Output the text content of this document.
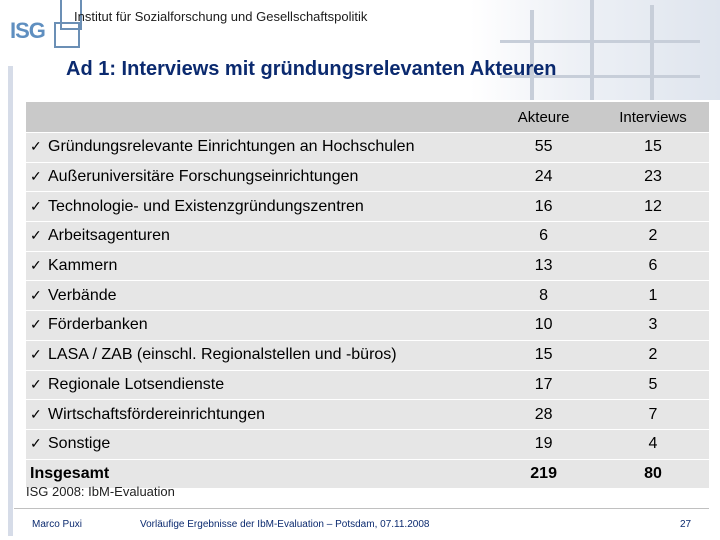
ISG
Institut für Sozialforschung und Gesellschaftspolitik
Ad 1: Interviews mit gründungsrelevanten Akteuren
	Akteure	Interviews
✓ Gründungsrelevante Einrichtungen an Hochschulen	55	15
✓ Außeruniversitäre Forschungseinrichtungen	24	23
✓ Technologie- und Existenzgründungszentren	16	12
✓ Arbeitsagenturen	6	2
✓ Kammern	13	6
✓ Verbände	8	1
✓ Förderbanken	10	3
✓ LASA / ZAB (einschl. Regionalstellen und -büros)	15	2
✓ Regionale Lotsendienste	17	5
✓ Wirtschaftsfördereinrichtungen	28	7
✓ Sonstige	19	4
Insgesamt	219	80
ISG 2008: IbM-Evaluation
Marco Puxi	Vorläufige Ergebnisse der IbM-Evaluation – Potsdam, 07.11.2008	27
